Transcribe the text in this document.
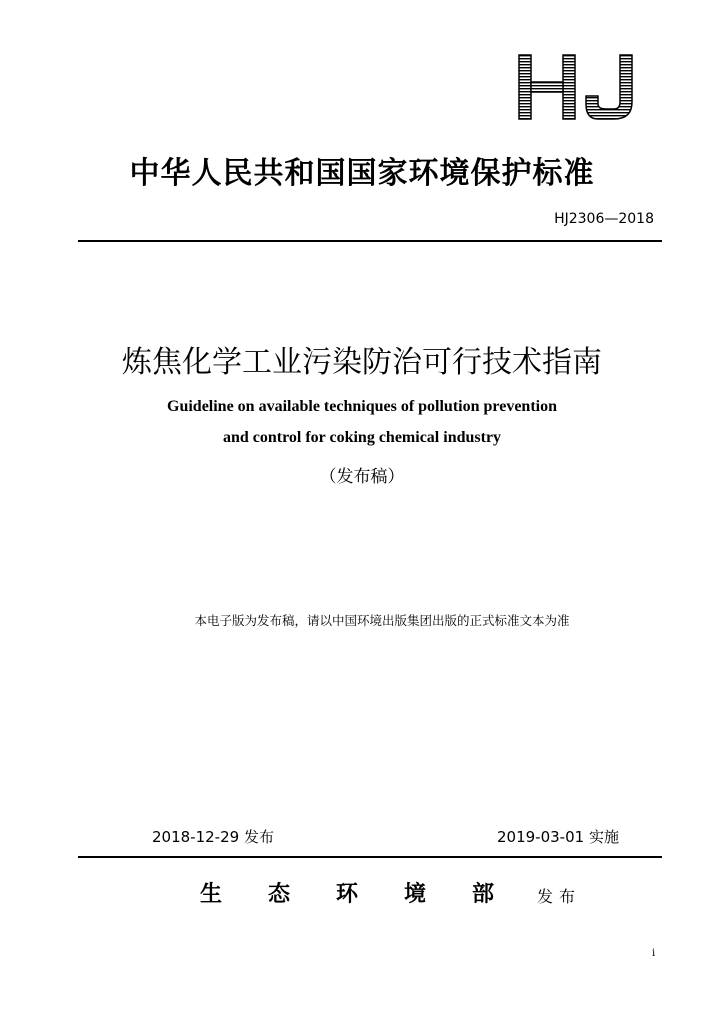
中华人民共和国国家环境保护标准
HJ2306—2018
炼焦化学工业污染防治可行技术指南
Guideline on available techniques of pollution prevention
and control for coking chemical industry
（发布稿）
本电子版为发布稿，请以中国环境出版集团出版的正式标准文本为准
2018-12-29 发布	2019-03-01 实施
生	态	环	境	部	发布
i
